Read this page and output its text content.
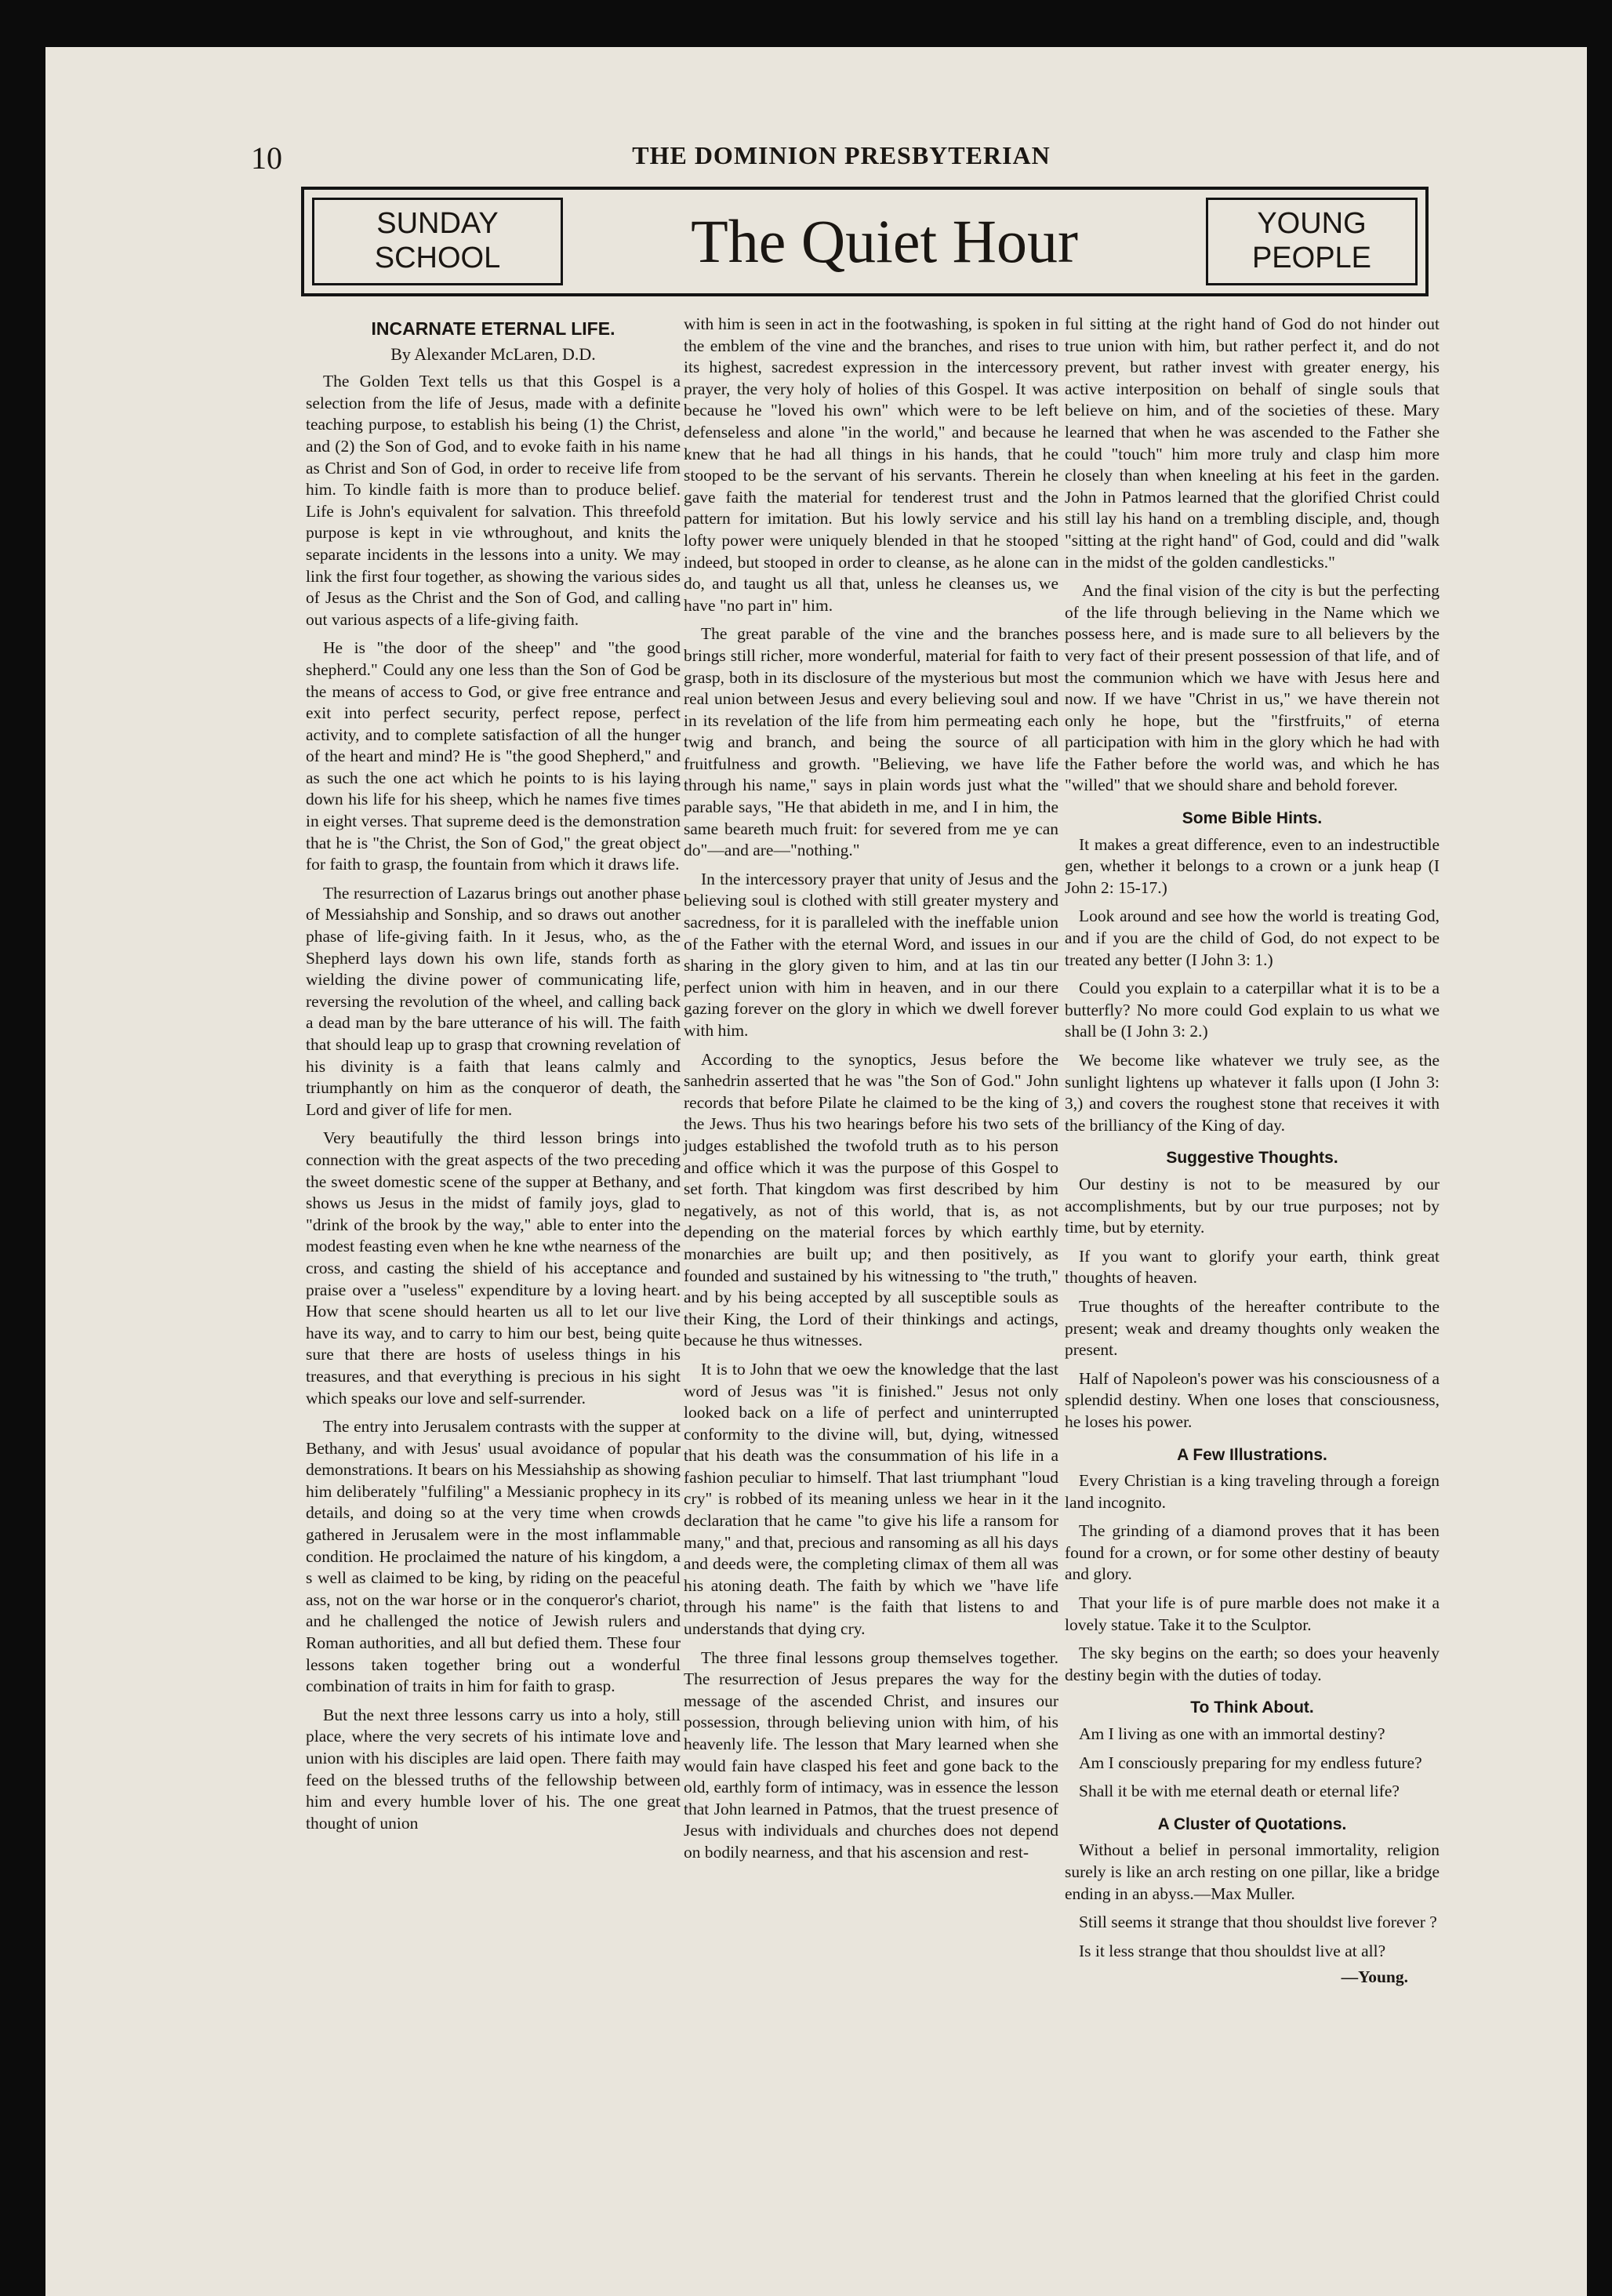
10	THE DOMINION PRESBYTERIAN
SUNDAY
SCHOOL	The Quiet Hour	YOUNG
PEOPLE
INCARNATE ETERNAL LIFE.
By Alexander McLaren, D.D.

The Golden Text tells us that this Gospel is a selection from the life of Jesus, made with a definite teaching purpose, to establish his being (1) the Christ, and (2) the Son of God, and to evoke faith in his name as Christ and Son of God, in order to receive life from him. To kindle faith is more than to produce belief. Life is John's equivalent for salvation. This threefold purpose is kept in vie wthroughout, and knits the separate incidents in the lessons into a unity. We may link the first four together, as showing the various sides of Jesus as the Christ and the Son of God, and calling out various aspects of a life-giving faith.

He is "the door of the sheep" and "the good shepherd." Could any one less than the Son of God be the means of access to God, or give free entrance and exit into perfect security, perfect repose, perfect activity, and to complete satisfaction of all the hunger of the heart and mind? He is "the good Shepherd," and as such the one act which he points to is his laying down his life for his sheep, which he names five times in eight verses. That supreme deed is the demonstration that he is "the Christ, the Son of God," the great object for faith to grasp, the fountain from which it draws life.

The resurrection of Lazarus brings out another phase of Messiahship and Sonship, and so draws out another phase of life-giving faith. In it Jesus, who, as the Shepherd lays down his own life, stands forth as wielding the divine power of communicating life, reversing the revolution of the wheel, and calling back a dead man by the bare utterance of his will. The faith that should leap up to grasp that crowning revelation of his divinity is a faith that leans calmly and triumphantly on him as the conqueror of death, the Lord and giver of life for men.

Very beautifully the third lesson brings into connection with the great aspects of the two preceding the sweet domestic scene of the supper at Bethany, and shows us Jesus in the midst of family joys, glad to "drink of the brook by the way," able to enter into the modest feasting even when he kne wthe nearness of the cross, and casting the shield of his acceptance and praise over a "useless" expenditure by a loving heart. How that scene should hearten us all to let our live have its way, and to carry to him our best, being quite sure that there are hosts of useless things in his treasures, and that everything is precious in his sight which speaks our love and self-surrender.

The entry into Jerusalem contrasts with the supper at Bethany, and with Jesus' usual avoidance of popular demonstrations. It bears on his Messiahship as showing him deliberately "fulfiling" a Messianic prophecy in its details, and doing so at the very time when crowds gathered in Jerusalem were in the most inflammable condition. He proclaimed the nature of his kingdom, a s well as claimed to be king, by riding on the peaceful ass, not on the war horse or in the conqueror's chariot, and he challenged the notice of Jewish rulers and Roman authorities, and all but defied them. These four lessons taken together bring out a wonderful combination of traits in him for faith to grasp.

But the next three lessons carry us into a holy, still place, where the very secrets of his intimate love and union with his disciples are laid open. There faith may feed on the blessed truths of the fellowship between him and every humble lover of his. The one great thought of union

with him is seen in act in the footwashing, is spoken in the emblem of the vine and the branches, and rises to its highest, sacredest expression in the intercessory prayer, the very holy of holies of this Gospel. It was because he "loved his own" which were to be left defenseless and alone "in the world," and because he knew that he had all things in his hands, that he stooped to be the servant of his servants. Therein he gave faith the material for tenderest trust and the pattern for imitation. But his lowly service and his lofty power were uniquely blended in that he stooped indeed, but stooped in order to cleanse, as he alone can do, and taught us all that, unless he cleanses us, we have "no part in" him.

The great parable of the vine and the branches brings still richer, more wonderful, material for faith to grasp, both in its disclosure of the mysterious but most real union between Jesus and every believing soul and in its revelation of the life from him permeating each twig and branch, and being the source of all fruitfulness and growth. "Believing, we have life through his name," says in plain words just what the parable says, "He that abideth in me, and I in him, the same beareth much fruit: for severed from me ye can do"—and are—"nothing."

In the intercessory prayer that unity of Jesus and the believing soul is clothed with still greater mystery and sacredness, for it is paralleled with the ineffable union of the Father with the eternal Word, and issues in our sharing in the glory given to him, and at las tin our perfect union with him in heaven, and in our there gazing forever on the glory in which we dwell forever with him.

According to the synoptics, Jesus before the sanhedrin asserted that he was "the Son of God." John records that before Pilate he claimed to be the king of the Jews. Thus his two hearings before his two sets of judges established the twofold truth as to his person and office which it was the purpose of this Gospel to set forth. That kingdom was first described by him negatively, as not of this world, that is, as not depending on the material forces by which earthly monarchies are built up; and then positively, as founded and sustained by his witnessing to "the truth," and by his being accepted by all susceptible souls as their King, the Lord of their thinkings and actings, because he thus witnesses.

It is to John that we oew the knowledge that the last word of Jesus was "it is finished." Jesus not only looked back on a life of perfect and uninterrupted conformity to the divine will, but, dying, witnessed that his death was the consummation of his life in a fashion peculiar to himself. That last triumphant "loud cry" is robbed of its meaning unless we hear in it the declaration that he came "to give his life a ransom for many," and that, precious and ransoming as all his days and deeds were, the completing climax of them all was his atoning death. The faith by which we "have life through his name" is the faith that listens to and understands that dying cry.

The three final lessons group themselves together. The resurrection of Jesus prepares the way for the message of the ascended Christ, and insures our possession, through believing union with him, of his heavenly life. The lesson that Mary learned when she would fain have clasped his feet and gone back to the old, earthly form of intimacy, was in essence the lesson that John learned in Patmos, that the truest presence of Jesus with individuals and churches does not depend on bodily nearness, and that his ascension and rest-

ful sitting at the right hand of God do not hinder out true union with him, but rather perfect it, and do not prevent, but rather invest with greater energy, his active interposition on behalf of single souls that believe on him, and of the societies of these. Mary learned that when he was ascended to the Father she could "touch" him more truly and clasp him more closely than when kneeling at his feet in the garden. John in Patmos learned that the glorified Christ could still lay his hand on a trembling disciple, and, though "sitting at the right hand" of God, could and did "walk in the midst of the golden candlesticks."

And the final vision of the city is but the perfecting of the life through believing in the Name which we possess here, and is made sure to all believers by the very fact of their present possession of that life, and of the communion which we have with Jesus here and now. If we have "Christ in us," we have therein not only he hope, but the "firstfruits," of eterna participation with him in the glory which he had with the Father before the world was, and which he has "willed" that we should share and behold forever.

Some Bible Hints.

It makes a great difference, even to an indestructible gen, whether it belongs to a crown or a junk heap (I John 2: 15-17.)

Look around and see how the world is treating God, and if you are the child of God, do not expect to be treated any better (I John 3: 1.)

Could you explain to a caterpillar what it is to be a butterfly? No more could God explain to us what we shall be (I John 3: 2.)

We become like whatever we truly see, as the sunlight lightens up whatever it falls upon (I John 3: 3,) and covers the roughest stone that receives it with the brilliancy of the King of day.

Suggestive Thoughts.

Our destiny is not to be measured by our accomplishments, but by our true purposes; not by time, but by eternity.

If you want to glorify your earth, think great thoughts of heaven.

True thoughts of the hereafter contribute to the present; weak and dreamy thoughts only weaken the present.

Half of Napoleon's power was his consciousness of a splendid destiny. When one loses that consciousness, he loses his power.

A Few Illustrations.

Every Christian is a king traveling through a foreign land incognito.

The grinding of a diamond proves that it has been found for a crown, or for some other destiny of beauty and glory.

That your life is of pure marble does not make it a lovely statue. Take it to the Sculptor.

The sky begins on the earth; so does your heavenly destiny begin with the duties of today.

To Think About.

Am I living as one with an immortal destiny?

Am I consciously preparing for my endless future?

Shall it be with me eternal death or eternal life?

A Cluster of Quotations.

Without a belief in personal immortality, religion surely is like an arch resting on one pillar, like a bridge ending in an abyss.—Max Muller.

Still seems it strange that thou shouldst live forever ?

Is it less strange that thou shouldst live at all?

—Young.
